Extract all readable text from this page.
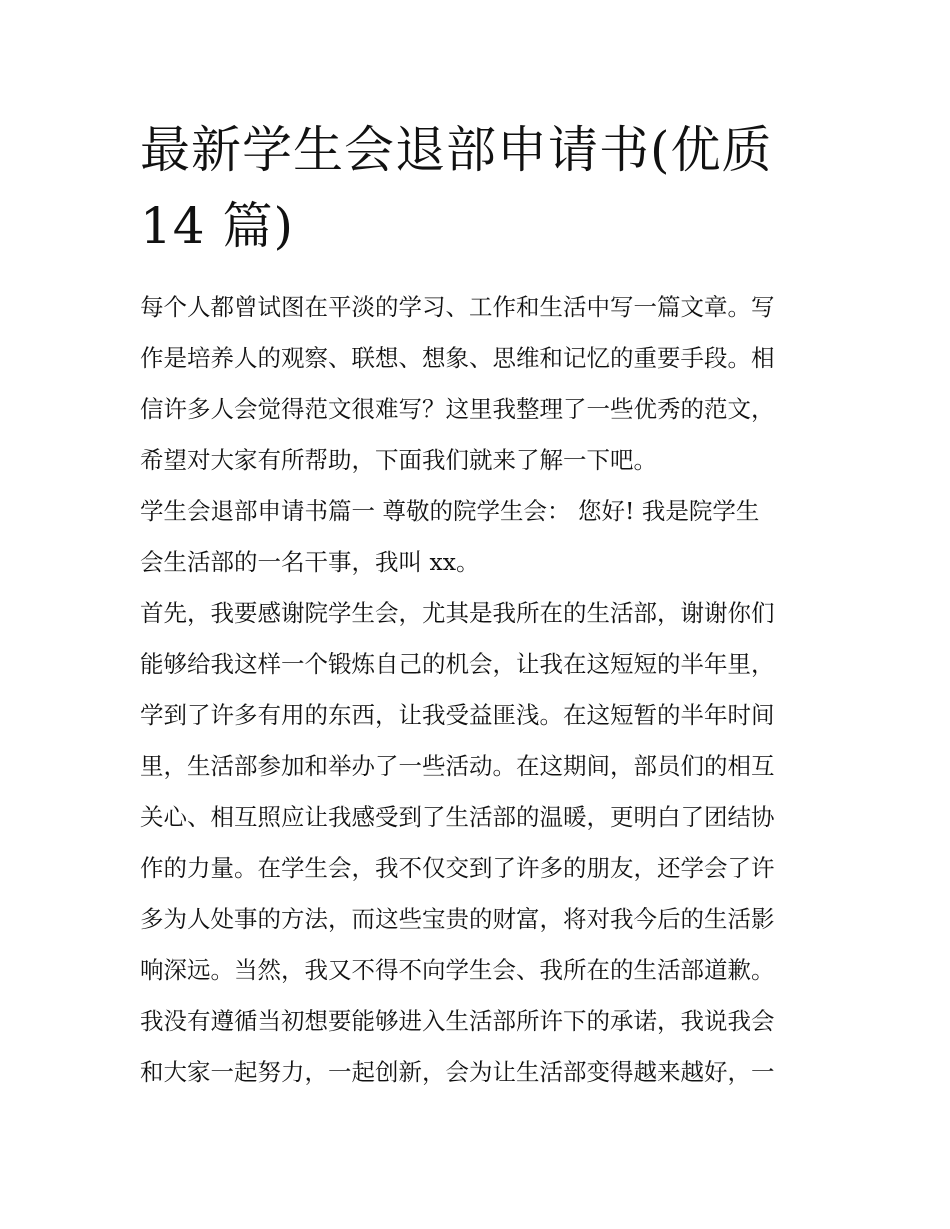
最新学生会退部申请书(优质
14 篇)

每个人都曾试图在平淡的学习、工作和生活中写一篇文章。写
作是培养人的观察、联想、想象、思维和记忆的重要手段。相
信许多人会觉得范文很难写？这里我整理了一些优秀的范文，
希望对大家有所帮助，下面我们就来了解一下吧。

学生会退部申请书篇一 尊敬的院学生会： 您好! 我是院学生
会生活部的一名干事，我叫 xx。

首先，我要感谢院学生会，尤其是我所在的生活部，谢谢你们
能够给我这样一个锻炼自己的机会，让我在这短短的半年里，
学到了许多有用的东西，让我受益匪浅。在这短暂的半年时间
里，生活部参加和举办了一些活动。在这期间，部员们的相互
关心、相互照应让我感受到了生活部的温暖，更明白了团结协
作的力量。在学生会，我不仅交到了许多的朋友，还学会了许
多为人处事的方法，而这些宝贵的财富，将对我今后的生活影
响深远。当然，我又不得不向学生会、我所在的生活部道歉。
我没有遵循当初想要能够进入生活部所许下的承诺，我说我会
和大家一起努力，一起创新，会为让生活部变得越来越好，一
